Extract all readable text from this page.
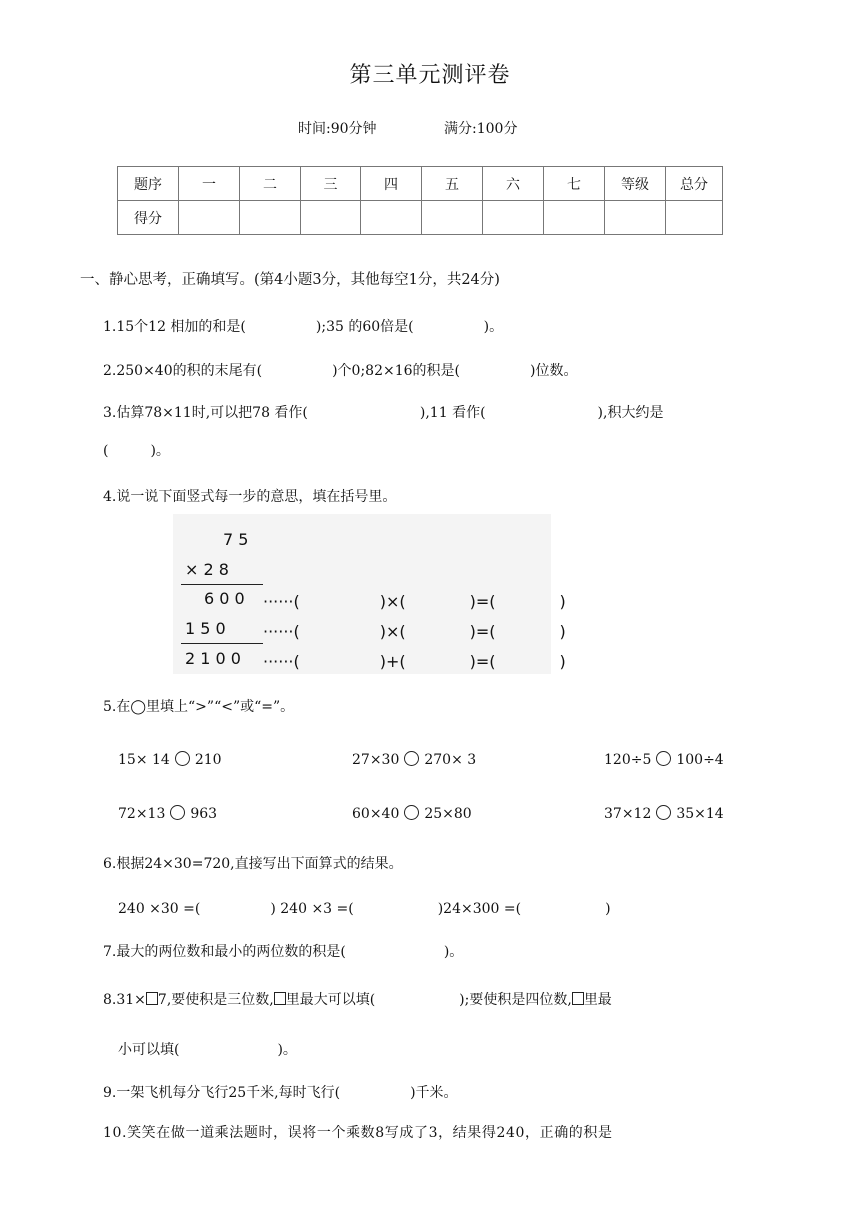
第三单元测评卷
时间:90分钟	满分:100分
题序	一	二	三	四	五	六	七	等级	总分
得分									
一、静心思考，正确填写。(第4小题3分，其他每空1分，共24分)
1.15个12 相加的和是(　　　　　);35 的60倍是(　　　　　)。
2.250×40的积的末尾有(　　　　　)个0;82×16的积是(　　　　　)位数。
3.估算78×11时,可以把78 看作(　　　　　　　　),11 看作(　　　　　　　　),积大约是
(　　　)。
4.说一说下面竖式每一步的意思，填在括号里。
7 5
× 2 8
6 0 0 ······(　　　　　)×(　　　　)=(　　　　)
1 5 0 ······(　　　　　)×(　　　　)=(　　　　)
2 1 0 0 ······(　　　　　)+(　　　　)=(　　　　)
5.在◯里填上“>”“<”或“=”。
15× 14 210	27×30 270× 3	120÷5 100÷4
72×13 963	60×40 25×80	37×12 35×14
6.根据24×30=720,直接写出下面算式的结果。
240 ×30 =(　　　　　) 240 ×3 =(　　　　　　)24×300 =(　　　　　　)
7.最大的两位数和最小的两位数的积是(　　　　　　　)。
8.31× 7,要使积是三位数, 里最大可以填(　　　　　　);要使积是四位数, 里最
小可以填(　　　　　　　)。
9.一架飞机每分飞行25千米,每时飞行(　　　　　)千米。
10.笑笑在做一道乘法题时，误将一个乘数8写成了3，结果得240，正确的积是
